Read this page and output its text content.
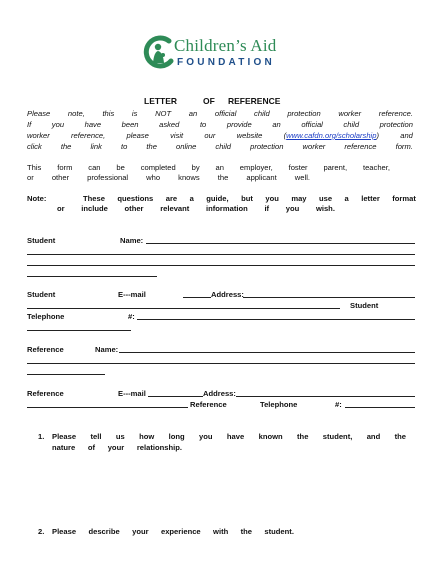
Children’s Aid
FOUNDATION
LETTER	OF REFERENCE
Please note, this is NOT an official child protection worker reference.
If	you	have	been	asked	to	provide	an	official	child	protection
worker	reference,	please	visit	our	website	(www.cafdn.org/scholarship)	and
click	the	link	to	the	online	child	protection	worker	reference	form.
This form can be completed by an employer, foster parent, teacher,
or other professional who knows the applicant well.
Note:	These questions are a guide, but you may use a letter format
or include other relevant information if you wish.
Student	Name:
Student	E---mail	Address:
Student
Telephone	#:
Reference	Name:
Reference	E---mail	Address:
Reference	Telephone	#:
1. Please tell us how long you have known the student, and the
nature of your relationship.
2. Please describe your experience with the student.
